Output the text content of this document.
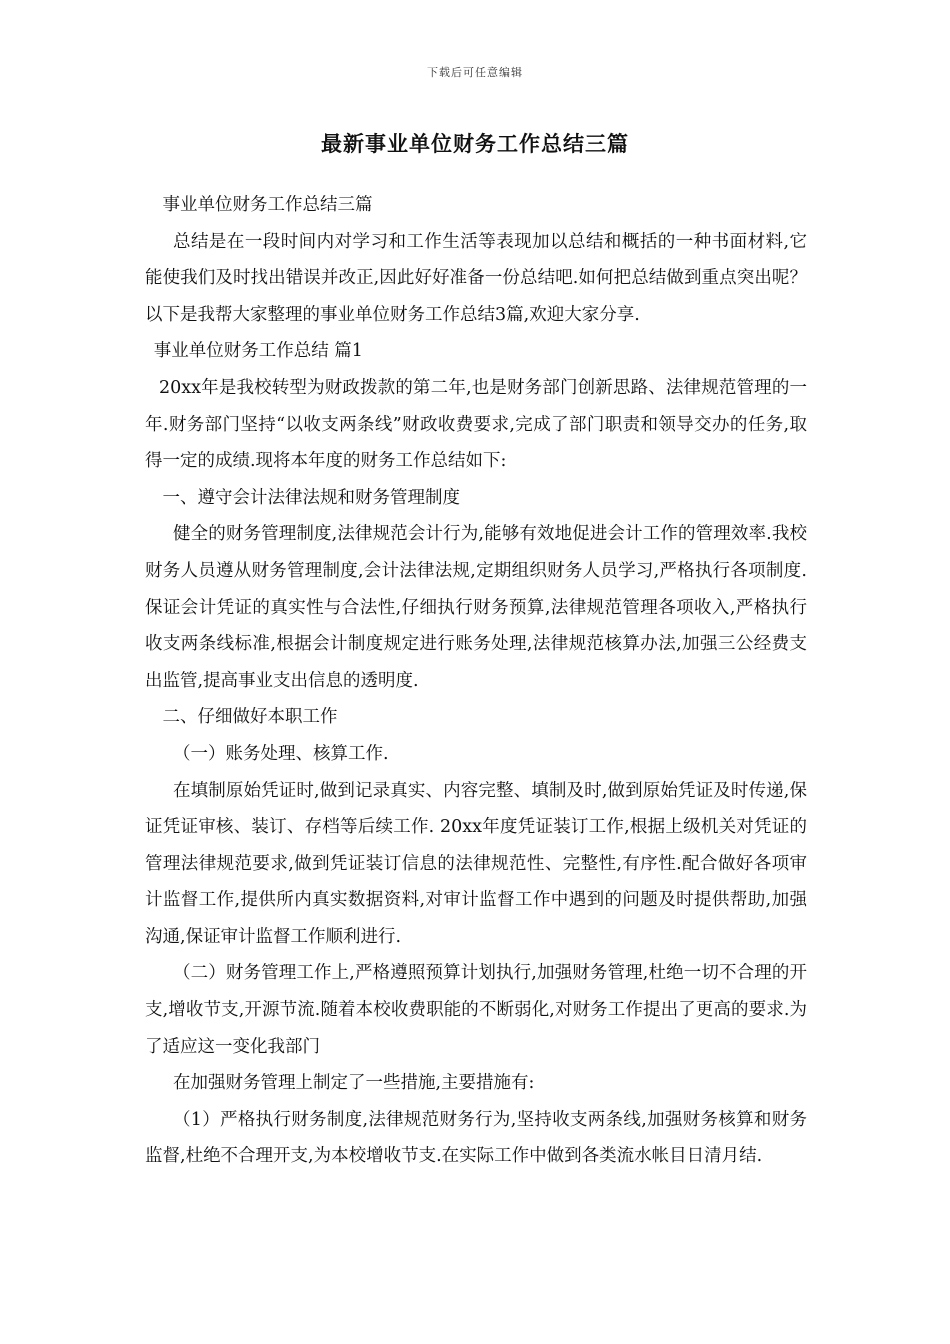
下载后可任意编辑
最新事业单位财务工作总结三篇

事业单位财务工作总结三篇

总结是在一段时间内对学习和工作生活等表现加以总结和概括的一种书面材料,它能使我们及时找出错误并改正,因此好好准备一份总结吧.如何把总结做到重点突出呢？以下是我帮大家整理的事业单位财务工作总结3篇,欢迎大家分享.

事业单位财务工作总结 篇1

20xx年是我校转型为财政拨款的第二年,也是财务部门创新思路、法律规范管理的一年.财务部门坚持“以收支两条线”财政收费要求,完成了部门职责和领导交办的任务,取得一定的成绩.现将本年度的财务工作总结如下:

一、遵守会计法律法规和财务管理制度

健全的财务管理制度,法律规范会计行为,能够有效地促进会计工作的管理效率.我校财务人员遵从财务管理制度,会计法律法规,定期组织财务人员学习,严格执行各项制度.保证会计凭证的真实性与合法性,仔细执行财务预算,法律规范管理各项收入,严格执行收支两条线标准,根据会计制度规定进行账务处理,法律规范核算办法,加强三公经费支出监管,提高事业支出信息的透明度.

二、仔细做好本职工作

（一）账务处理、核算工作.

在填制原始凭证时,做到记录真实、内容完整、填制及时,做到原始凭证及时传递,保证凭证审核、装订、存档等后续工作. 20xx年度凭证装订工作,根据上级机关对凭证的管理法律规范要求,做到凭证装订信息的法律规范性、完整性,有序性.配合做好各项审计监督工作,提供所内真实数据资料,对审计监督工作中遇到的问题及时提供帮助,加强沟通,保证审计监督工作顺利进行.

（二）财务管理工作上,严格遵照预算计划执行,加强财务管理,杜绝一切不合理的开支,增收节支,开源节流.随着本校收费职能的不断弱化,对财务工作提出了更高的要求.为了适应这一变化我部门

在加强财务管理上制定了一些措施,主要措施有:

（1）严格执行财务制度,法律规范财务行为,坚持收支两条线,加强财务核算和财务监督,杜绝不合理开支,为本校增收节支.在实际工作中做到各类流水帐目日清月结.
